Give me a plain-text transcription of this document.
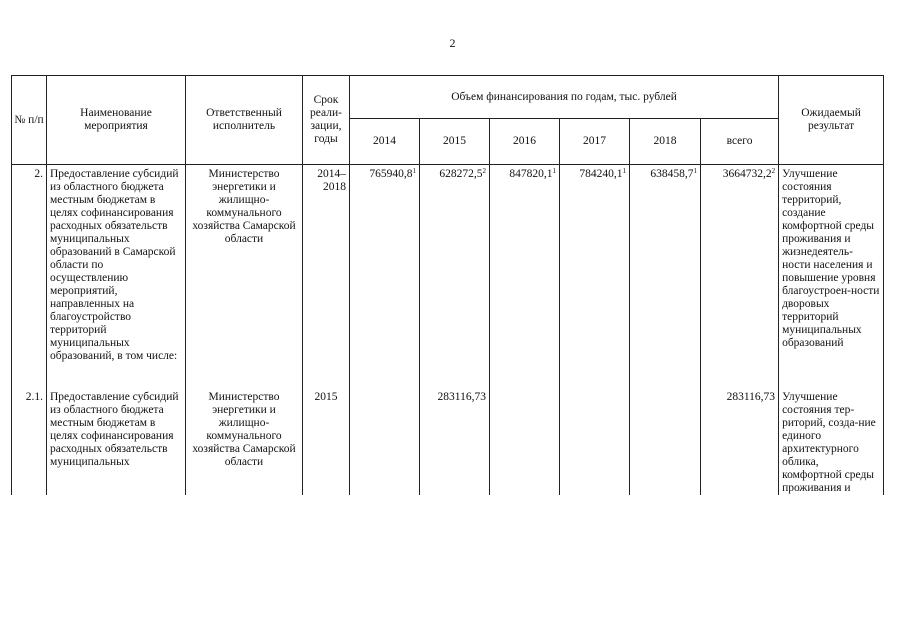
2
№ п/п	Наименование мероприятия	Ответственный исполнитель	Срок реали-зации, годы	Объем финансирования по годам, тыс. рублей						Ожидаемый результат
				2014	2015	2016	2017	2018	всего	
2.	Предоставление субсидий из областного бюджета местным бюджетам в целях софинансирования расходных обязательств муниципальных образований в Самарской области по осуществлению мероприятий, направленных на благоустройство территорий муниципальных образований, в том числе:	Министерство энергетики и жилищно-коммунального хозяйства Самарской области	2014–2018	765940,8$^1$	628272,5$^2$	847820,1$^1$	784240,1$^1$	638458,7$^1$	3664732,2$^2$	Улучшение состояния территорий, создание комфортной среды проживания и жизнедеятель-ности населения и повышение уровня благоустроен-ности дворовых территорий муниципальных образований

2.1.	Предоставление субсидий из областного бюджета местным бюджетам в целях софинансирования расходных обязательств муниципальных	Министерство энергетики и жилищно-коммунального хозяйства Самарской области	2015		283116,73				283116,73	Улучшение состояния тер-риторий, созда-ние единого архитектурного облика, комфортной среды проживания и
